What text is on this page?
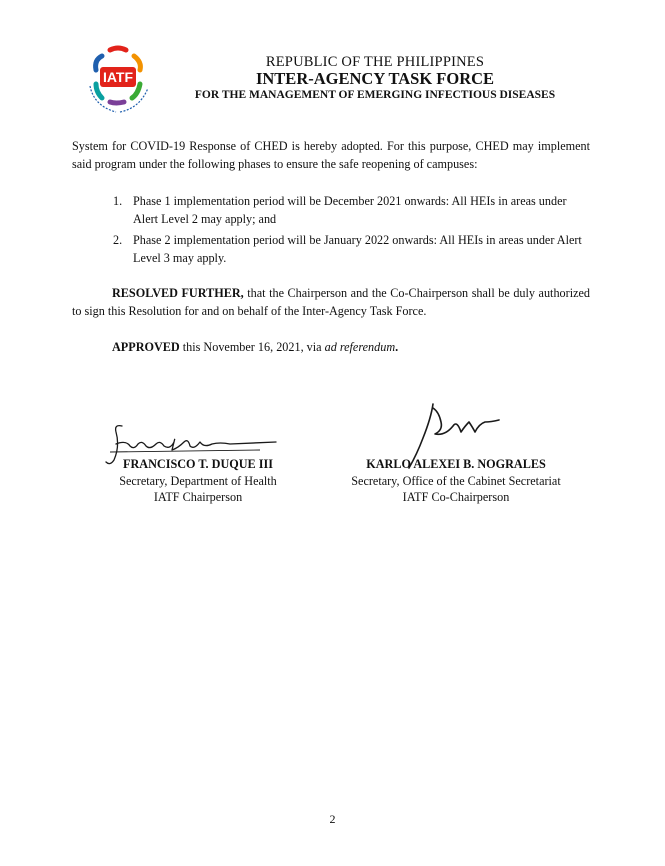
IATF
REPUBLIC OF THE PHILIPPINES
INTER-AGENCY TASK FORCE
FOR THE MANAGEMENT OF EMERGING INFECTIOUS DISEASES
System for COVID-19 Response of CHED is hereby adopted. For this purpose, CHED may implement said program under the following phases to ensure the safe reopening of campuses:
1. Phase 1 implementation period will be December 2021 onwards: All HEIs in areas under Alert Level 2 may apply; and
2. Phase 2 implementation period will be January 2022 onwards: All HEIs in areas under Alert Level 3 may apply.
RESOLVED FURTHER, that the Chairperson and the Co-Chairperson shall be duly authorized to sign this Resolution for and on behalf of the Inter-Agency Task Force.
APPROVED this November 16, 2021, via ad referendum.
FRANCISCO T. DUQUE III
Secretary, Department of Health
IATF Chairperson
KARLO ALEXEI B. NOGRALES
Secretary, Office of the Cabinet Secretariat
IATF Co-Chairperson
2
